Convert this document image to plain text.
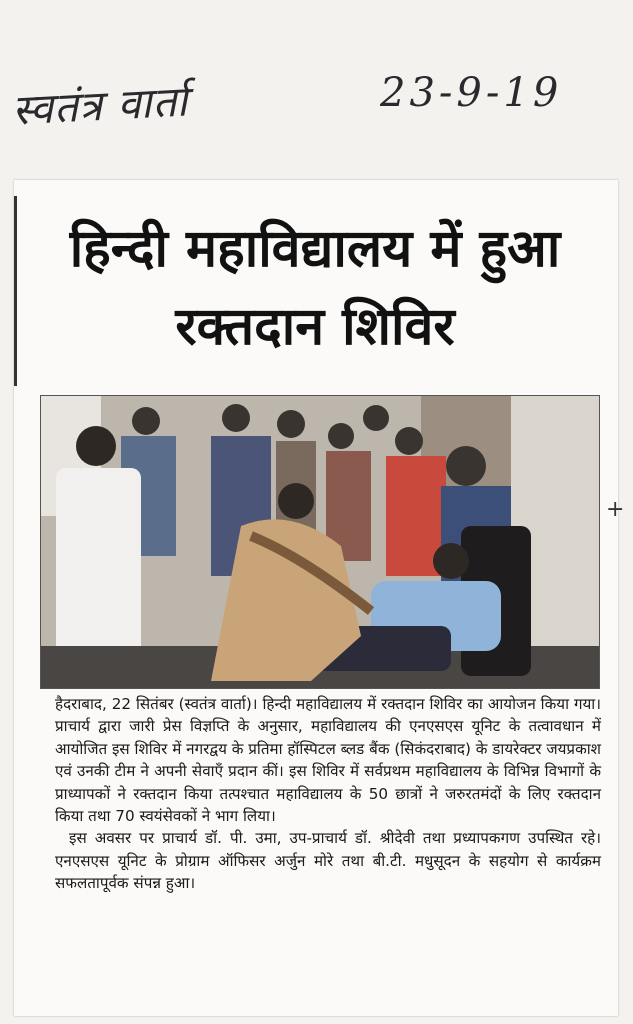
स्वतंत्र वार्ता	23-9-19
हिन्दी महाविद्यालय में हुआ
रक्तदान शिविर
+

हैदराबाद, 22 सितंबर (स्वतंत्र वार्ता)। हिन्दी महाविद्यालय में रक्तदान शिविर का आयोजन किया गया। प्राचार्य द्वारा जारी प्रेस विज्ञप्ति के अनुसार, महाविद्यालय की एनएसएस यूनिट के तत्वावधान में आयोजित इस शिविर में नगरद्वय के प्रतिमा हॉस्पिटल ब्लड बैंक (सिकंदराबाद) के डायरेक्टर जयप्रकाश एवं उनकी टीम ने अपनी सेवाएँ प्रदान कीं। इस शिविर में सर्वप्रथम महाविद्यालय के विभिन्न विभागों के प्राध्यापकों ने रक्तदान किया तत्पश्चात महाविद्यालय के 50 छात्रों ने जरुरतमंदों के लिए रक्तदान किया तथा 70 स्वयंसेवकों ने भाग लिया।

इस अवसर पर प्राचार्य डॉ. पी. उमा, उप-प्राचार्य डॉ. श्रीदेवी तथा प्रध्यापकगण उपस्थित रहे। एनएसएस यूनिट के प्रोग्राम ऑफिसर अर्जुन मोरे तथा बी.टी. मधुसूदन के सहयोग से कार्यक्रम सफलतापूर्वक संपन्न हुआ।
